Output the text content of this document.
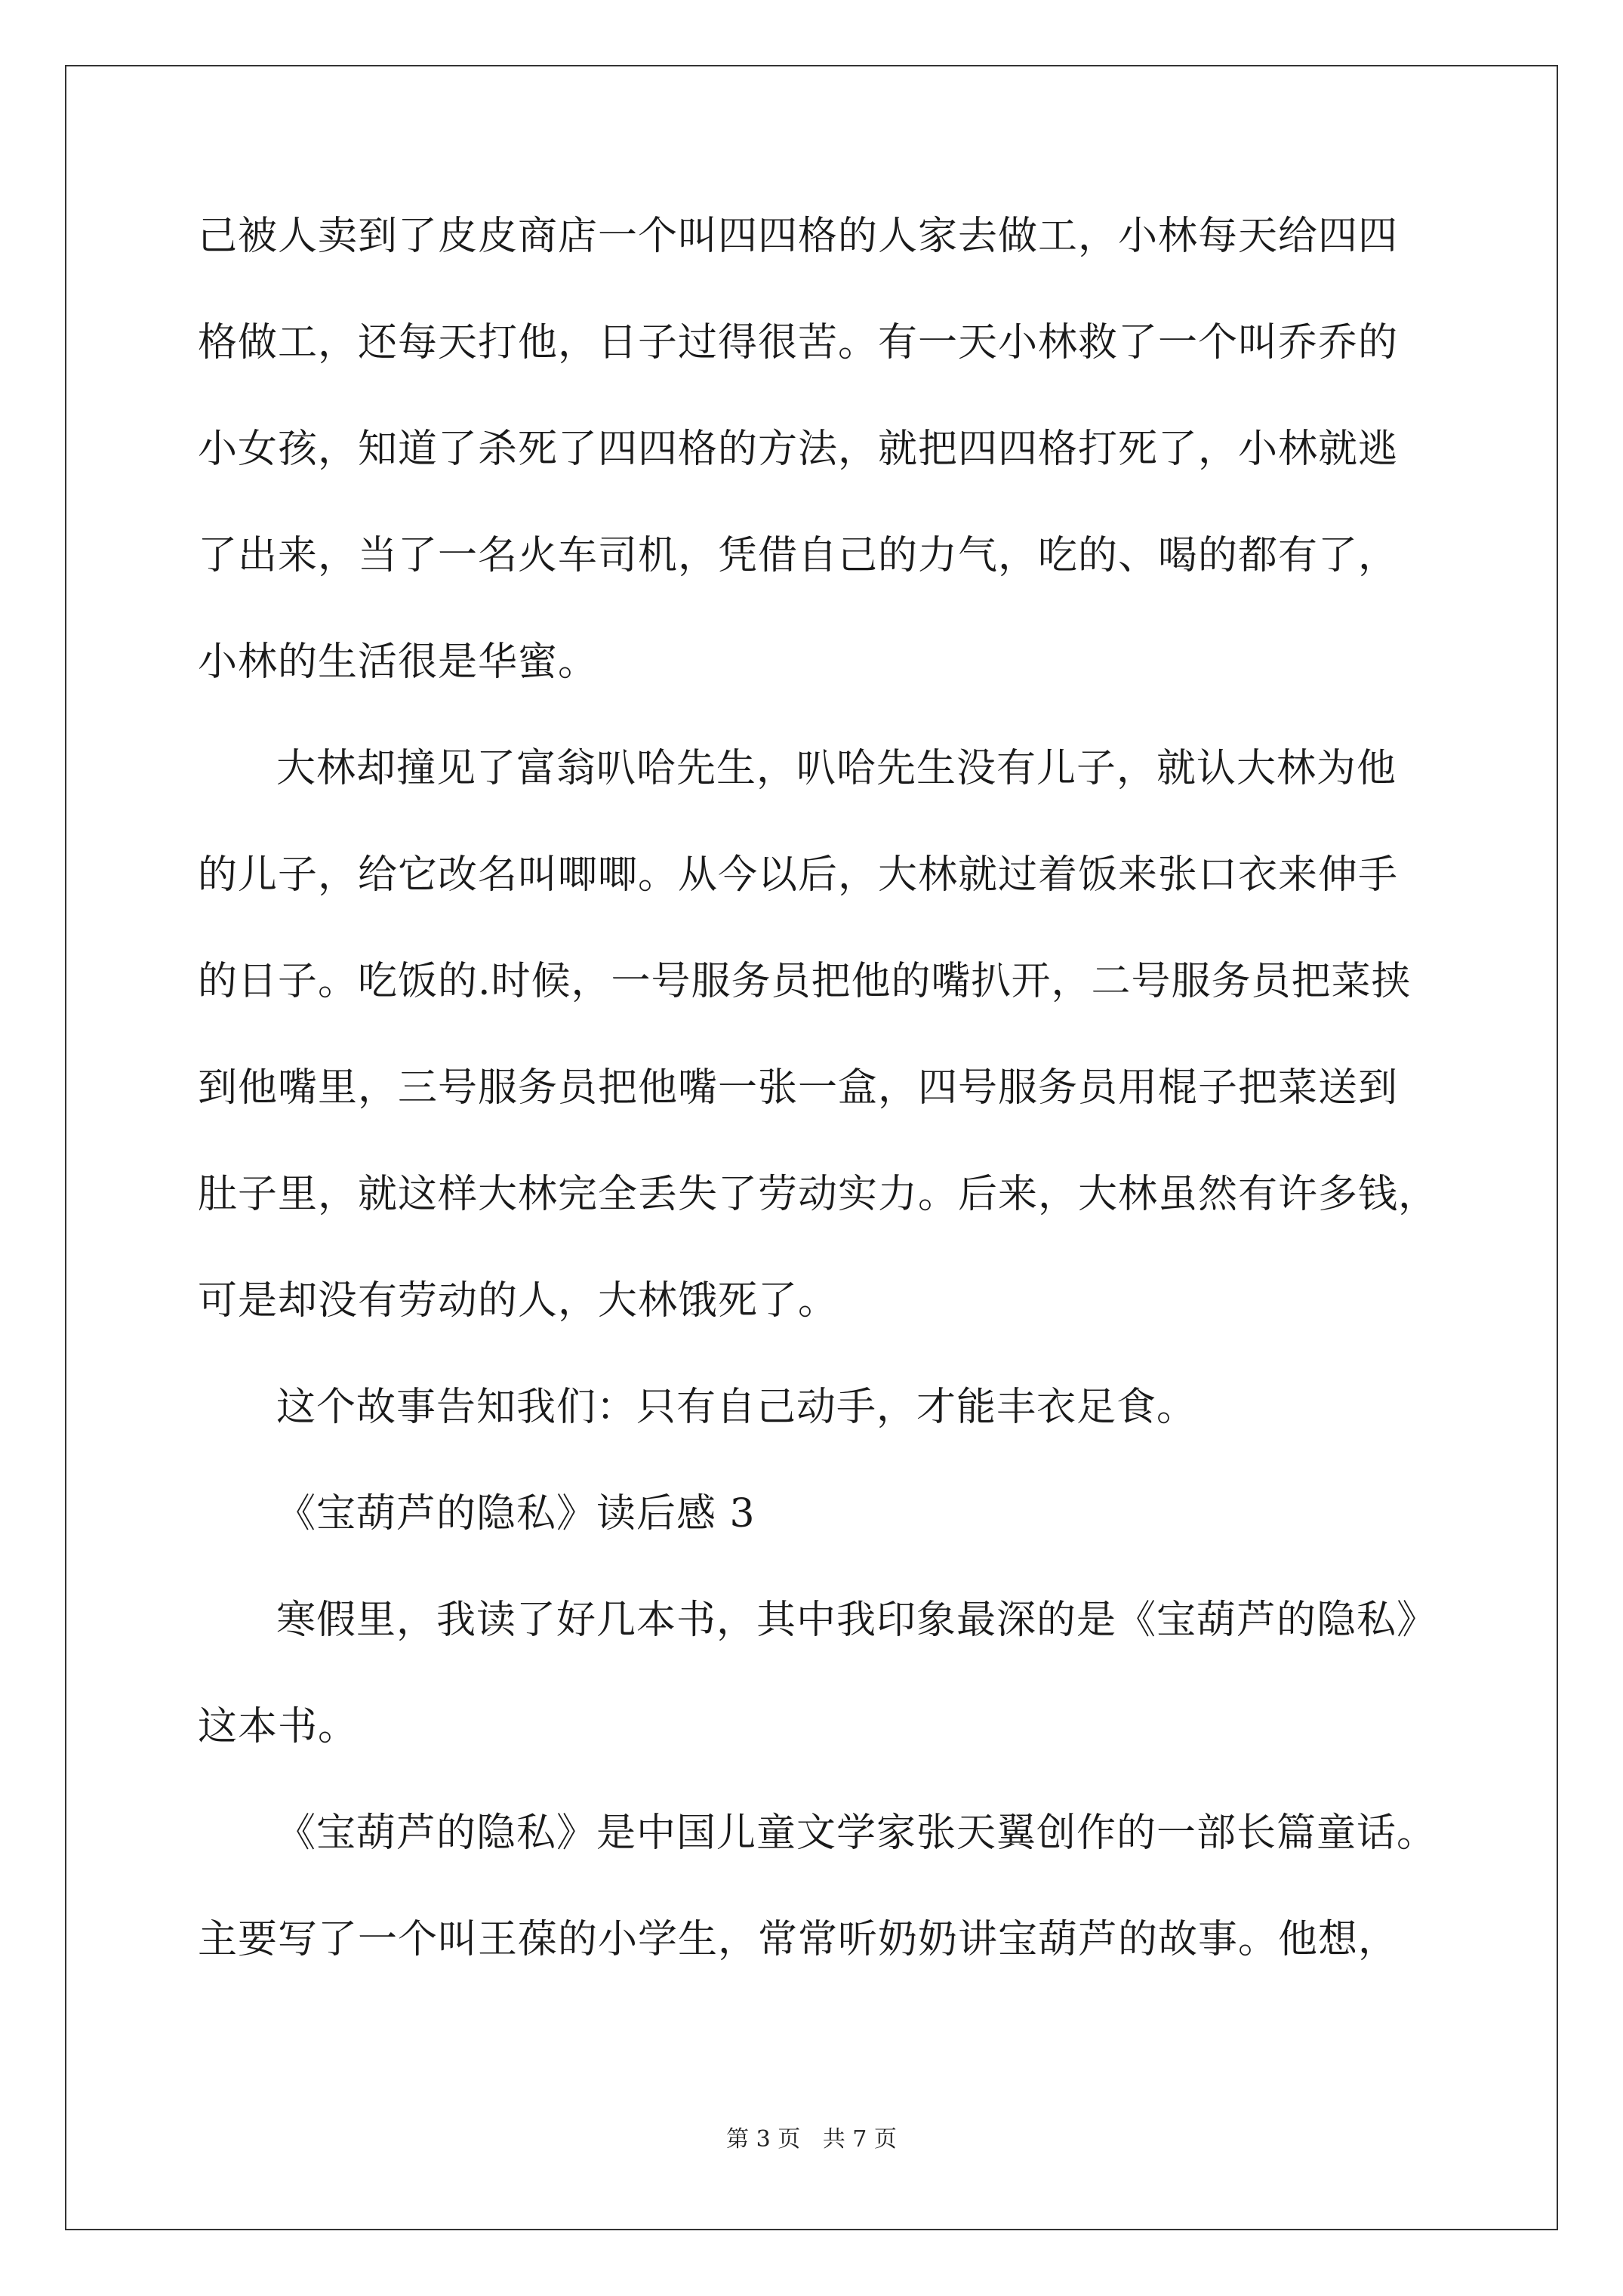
己被人卖到了皮皮商店一个叫四四格的人家去做工，小林每天给四四
格做工，还每天打他，日子过得很苦。有一天小林救了一个叫乔乔的
小女孩，知道了杀死了四四格的方法，就把四四格打死了，小林就逃
了出来，当了一名火车司机，凭借自己的力气，吃的、喝的都有了，
小林的生活很是华蜜。
大林却撞见了富翁叭哈先生，叭哈先生没有儿子，就认大林为他
的儿子，给它改名叫唧唧。从今以后，大林就过着饭来张口衣来伸手
的日子。吃饭的.时候，一号服务员把他的嘴扒开，二号服务员把菜挟
到他嘴里，三号服务员把他嘴一张一盒，四号服务员用棍子把菜送到
肚子里，就这样大林完全丢失了劳动实力。后来，大林虽然有许多钱，
可是却没有劳动的人，大林饿死了。
这个故事告知我们：只有自己动手，才能丰衣足食。
《宝葫芦的隐私》读后感 3
寒假里，我读了好几本书，其中我印象最深的是《宝葫芦的隐私》
这本书。
《宝葫芦的隐私》是中国儿童文学家张天翼创作的一部长篇童话。
主要写了一个叫王葆的小学生，常常听奶奶讲宝葫芦的故事。他想，
第 3 页 共 7 页
